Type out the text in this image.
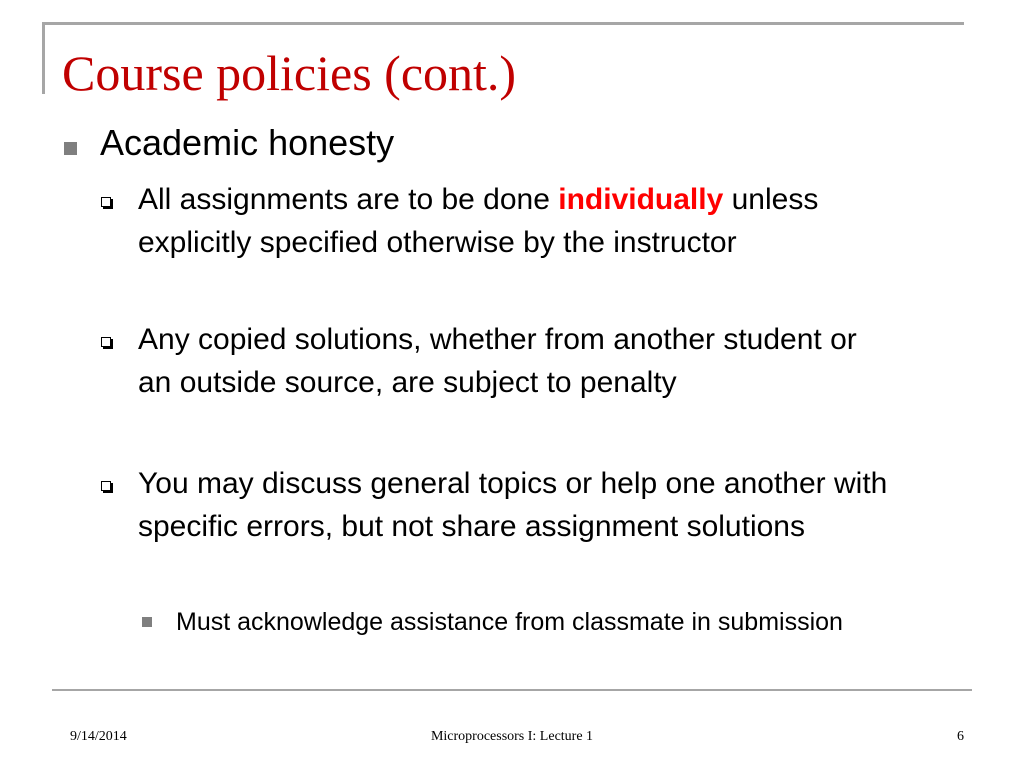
Course policies (cont.)
Academic honesty
All assignments are to be done individually unless explicitly specified otherwise by the instructor
Any copied solutions, whether from another student or an outside source, are subject to penalty
You may discuss general topics or help one another with specific errors, but not share assignment solutions
Must acknowledge assistance from classmate in submission
9/14/2014	Microprocessors I: Lecture 1	6
